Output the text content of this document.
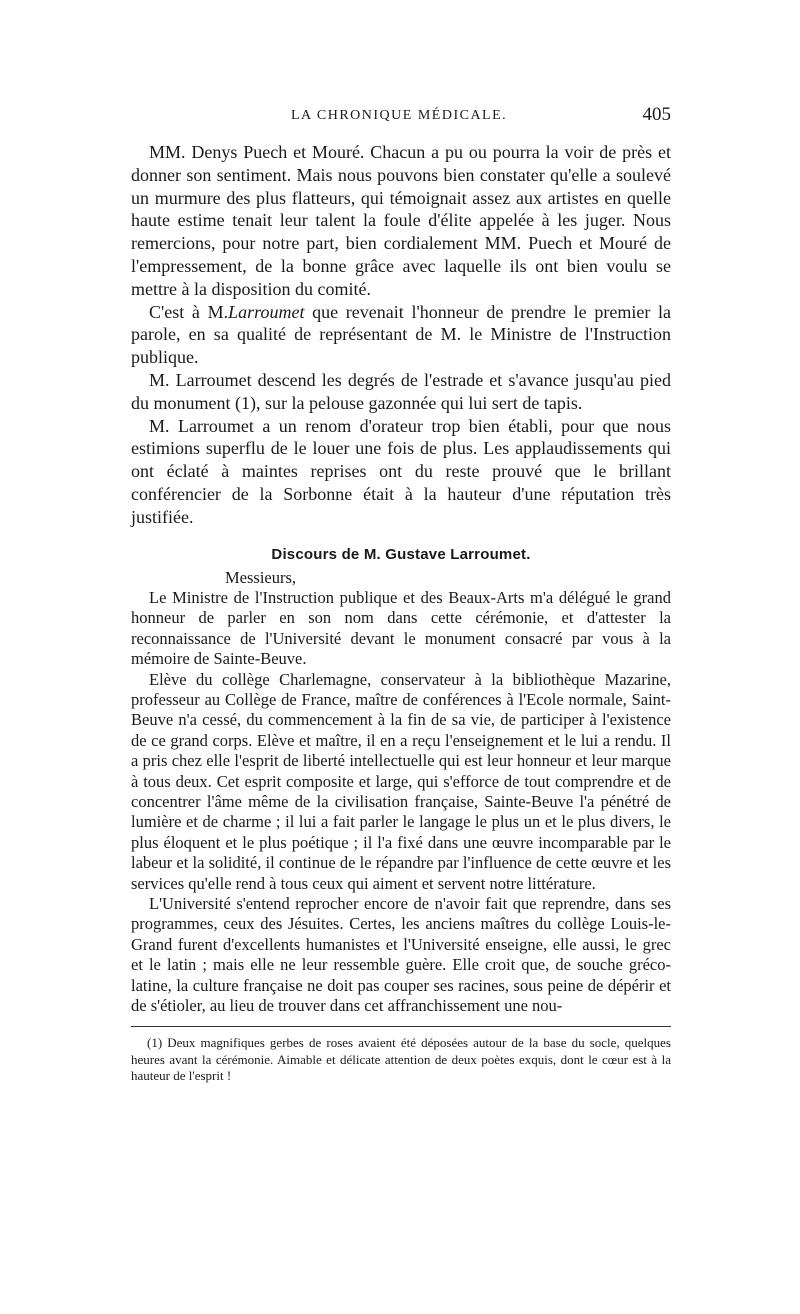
LA CHRONIQUE MÉDICALE.	405

MM. Denys Puech et Mouré. Chacun a pu ou pourra la voir de près et donner son sentiment. Mais nous pouvons bien constater qu'elle a soulevé un murmure des plus flatteurs, qui témoignait assez aux artistes en quelle haute estime tenait leur talent la foule d'élite appelée à les juger. Nous remercions, pour notre part, bien cordialement MM. Puech et Mouré de l'empressement, de la bonne grâce avec laquelle ils ont bien voulu se mettre à la disposition du comité.

C'est à M.Larroumet que revenait l'honneur de prendre le premier la parole, en sa qualité de représentant de M. le Ministre de l'Instruction publique.

M. Larroumet descend les degrés de l'estrade et s'avance jusqu'au pied du monument (1), sur la pelouse gazonnée qui lui sert de tapis.

M. Larroumet a un renom d'orateur trop bien établi, pour que nous estimions superflu de le louer une fois de plus. Les applaudissements qui ont éclaté à maintes reprises ont du reste prouvé que le brillant conférencier de la Sorbonne était à la hauteur d'une réputation très justifiée.

Discours de M. Gustave Larroumet.

Messieurs,

Le Ministre de l'Instruction publique et des Beaux-Arts m'a délégué le grand honneur de parler en son nom dans cette cérémonie, et d'attester la reconnaissance de l'Université devant le monument consacré par vous à la mémoire de Sainte-Beuve.

Elève du collège Charlemagne, conservateur à la bibliothèque Mazarine, professeur au Collège de France, maître de conférences à l'Ecole normale, Saint-Beuve n'a cessé, du commencement à la fin de sa vie, de participer à l'existence de ce grand corps. Elève et maître, il en a reçu l'enseignement et le lui a rendu. Il a pris chez elle l'esprit de liberté intellectuelle qui est leur honneur et leur marque à tous deux. Cet esprit composite et large, qui s'efforce de tout comprendre et de concentrer l'âme même de la civilisation française, Sainte-Beuve l'a pénétré de lumière et de charme ; il lui a fait parler le langage le plus un et le plus divers, le plus éloquent et le plus poétique ; il l'a fixé dans une œuvre incomparable par le labeur et la solidité, il continue de le répandre par l'influence de cette œuvre et les services qu'elle rend à tous ceux qui aiment et servent notre littérature.

L'Université s'entend reprocher encore de n'avoir fait que reprendre, dans ses programmes, ceux des Jésuites. Certes, les anciens maîtres du collège Louis-le-Grand furent d'excellents humanistes et l'Université enseigne, elle aussi, le grec et le latin ; mais elle ne leur ressemble guère. Elle croit que, de souche gréco-latine, la culture française ne doit pas couper ses racines, sous peine de dépérir et de s'étioler, au lieu de trouver dans cet affranchissement une nou-

(1) Deux magnifiques gerbes de roses avaient été déposées autour de la base du socle, quelques heures avant la cérémonie. Aimable et délicate attention de deux poètes exquis, dont le cœur est à la hauteur de l'esprit !
